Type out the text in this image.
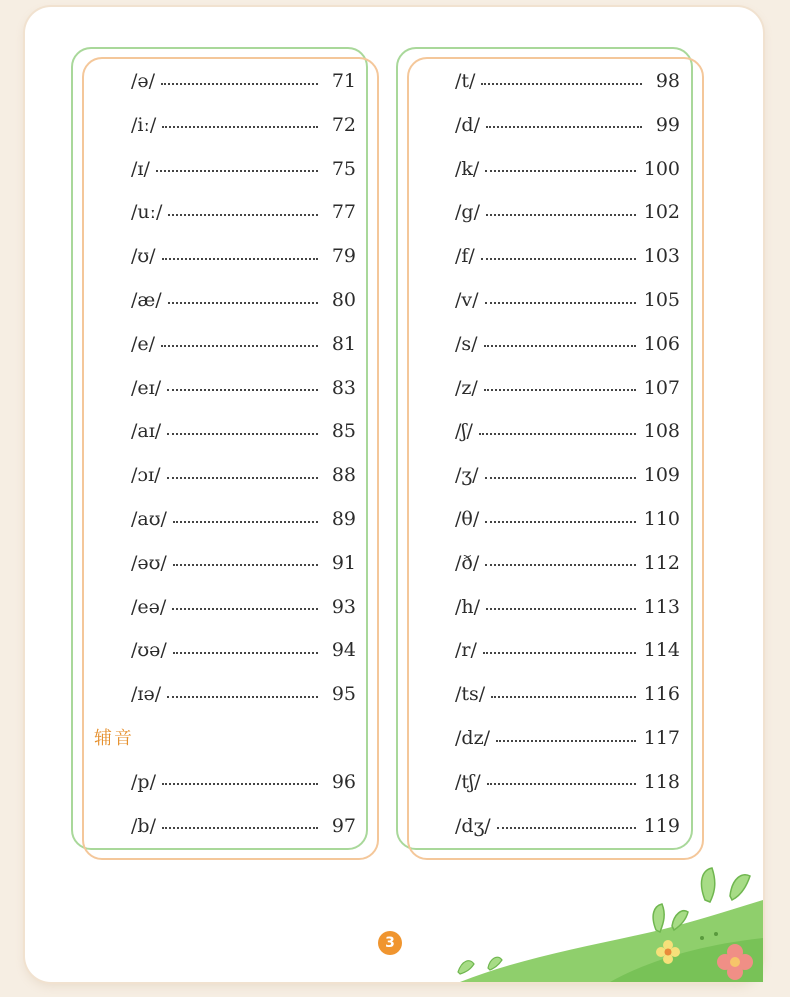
/ə/	71
/iː/	72
/ɪ/	75
/uː/	77
/ʊ/	79
/æ/	80
/e/	81
/eɪ/	83
/aɪ/	85
/ɔɪ/	88
/aʊ/	89
/əʊ/	91
/eə/	93
/ʊə/	94
/ɪə/	95
/p/	96
/b/	97
辅音
/t/	98
/d/	99
/k/	100
/g/	102
/f/	103
/v/	105
/s/	106
/z/	107
/ʃ/	108
/ʒ/	109
/θ/	110
/ð/	112
/h/	113
/r/	114
/ts/	116
/dz/	117
/tʃ/	118
/dʒ/	119
3
